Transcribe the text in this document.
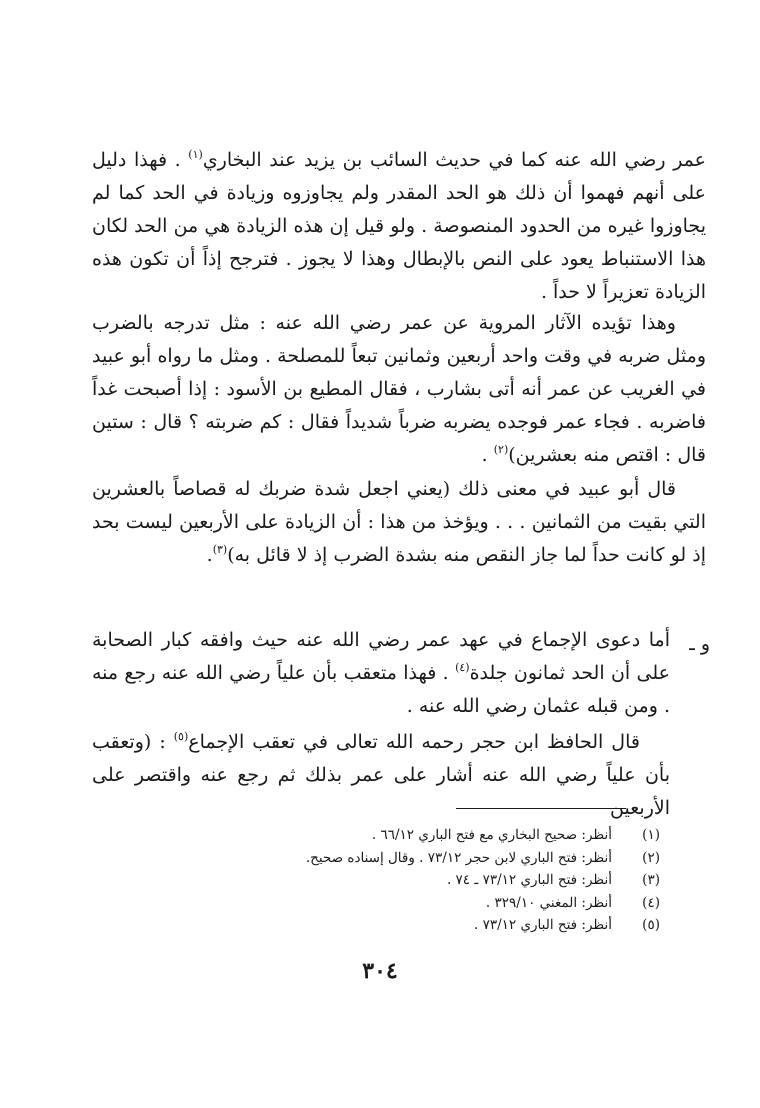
عمر رضي الله عنه كما في حديث السائب بن يزيد عند البخاري$^{(١)}$ . فهذا دليل على أنهم فهموا أن ذلك هو الحد المقدر ولم يجاوزوه وزيادة في الحد كما لم يجاوزوا غيره من الحدود المنصوصة . ولو قيل إن هذه الزيادة هي من الحد لكان هذا الاستنباط يعود على النص بالإبطال وهذا لا يجوز . فترجح إذاً أن تكون هذه الزيادة تعزيراً لا حداً .
وهذا تؤيده الآثار المروية عن عمر رضي الله عنه : مثل تدرجه بالضرب ومثل ضربه في وقت واحد أربعين وثمانين تبعاً للمصلحة . ومثل ما رواه أبو عبيد في الغريب عن عمر أنه أتى بشارب ، فقال المطيع بن الأسود : إذا أصبحت غداً فاضربه . فجاء عمر فوجده يضربه ضرباً شديداً فقال : كم ضربته ؟ قال : ستين قال : اقتص منه بعشرين)$^{(٢)}$ .
قال أبو عبيد في معنى ذلك (يعني اجعل شدة ضربك له قصاصاً بالعشرين التي بقيت من الثمانين . . . ويؤخذ من هذا : أن الزيادة على الأربعين ليست بحد إذ لو كانت حداً لما جاز النقص منه بشدة الضرب إذ لا قائل به)$^{(٣)}$.
و ـ
أما دعوى الإجماع في عهد عمر رضي الله عنه حيث وافقه كبار الصحابة على أن الحد ثمانون جلدة$^{(٤)}$ . فهذا متعقب بأن علياً رضي الله عنه رجع منه . ومن قبله عثمان رضي الله عنه .
قال الحافظ ابن حجر رحمه الله تعالى في تعقب الإجماع$^{(٥)}$ : (وتعقب بأن علياً رضي الله عنه أشار على عمر بذلك ثم رجع عنه واقتصر على الأربعين
(١)
أنظر: صحيح البخاري مع فتح الباري ٦٦/١٢ .
(٢)
أنظر: فتح الباري لابن حجر ٧٣/١٢ . وقال إسناده صحيح.
(٣)
أنظر: فتح الباري ٧٣/١٢ ـ ٧٤ .
(٤)
أنظر: المغني ٣٢٩/١٠ .
(٥)
أنظر: فتح الباري ٧٣/١٢ .
٣٠٤
